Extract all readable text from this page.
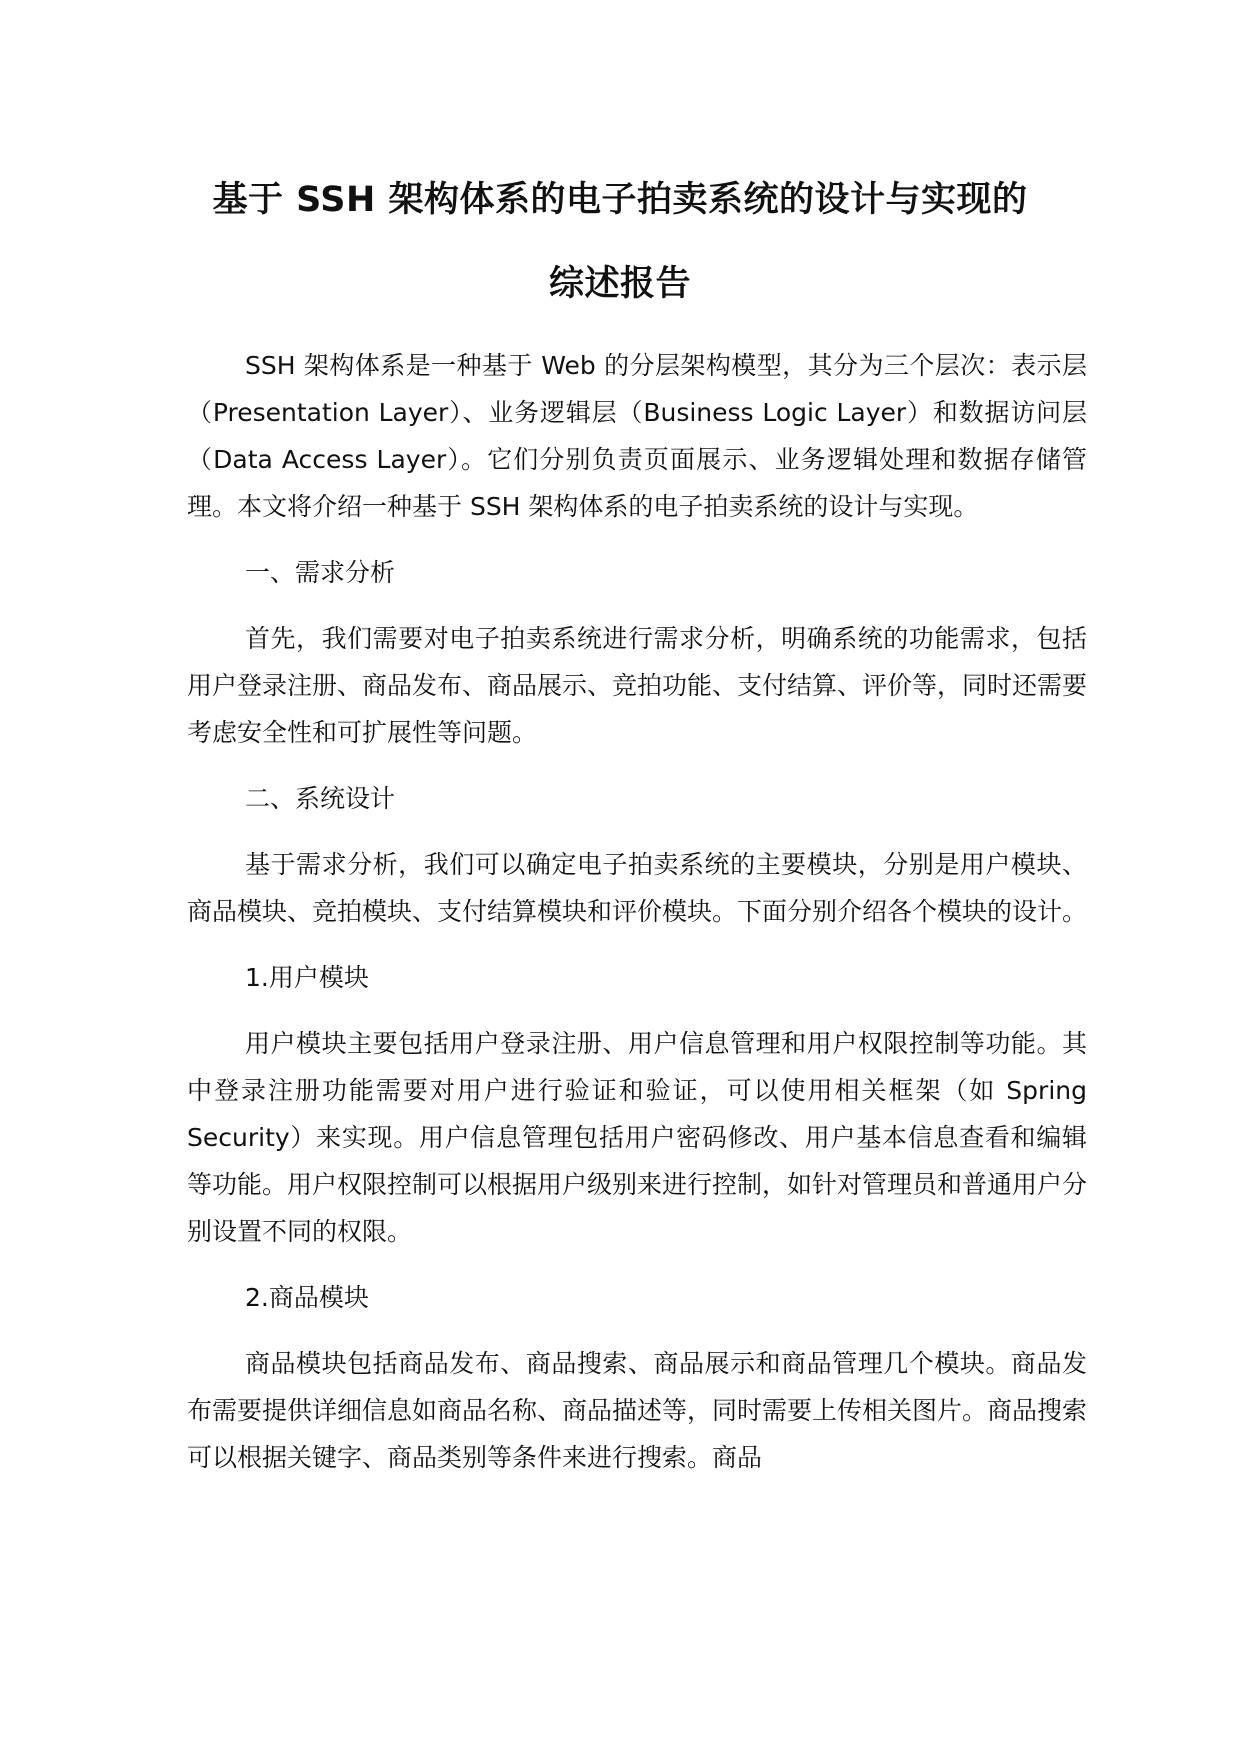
基于 SSH 架构体系的电子拍卖系统的设计与实现的
综述报告

SSH 架构体系是一种基于 Web 的分层架构模型，其分为三个层次：表示层（Presentation Layer）、业务逻辑层（Business Logic Layer）和数据访问层（Data Access Layer）。它们分别负责页面展示、业务逻辑处理和数据存储管理。本文将介绍一种基于 SSH 架构体系的电子拍卖系统的设计与实现。

一、需求分析

首先，我们需要对电子拍卖系统进行需求分析，明确系统的功能需求，包括用户登录注册、商品发布、商品展示、竞拍功能、支付结算、评价等，同时还需要考虑安全性和可扩展性等问题。

二、系统设计

基于需求分析，我们可以确定电子拍卖系统的主要模块，分别是用户模块、商品模块、竞拍模块、支付结算模块和评价模块。下面分别介绍各个模块的设计。

1.用户模块

用户模块主要包括用户登录注册、用户信息管理和用户权限控制等功能。其中登录注册功能需要对用户进行验证和验证，可以使用相关框架（如 Spring Security）来实现。用户信息管理包括用户密码修改、用户基本信息查看和编辑等功能。用户权限控制可以根据用户级别来进行控制，如针对管理员和普通用户分别设置不同的权限。

2.商品模块

商品模块包括商品发布、商品搜索、商品展示和商品管理几个模块。商品发布需要提供详细信息如商品名称、商品描述等，同时需要上传相关图片。商品搜索可以根据关键字、商品类别等条件来进行搜索。商品
